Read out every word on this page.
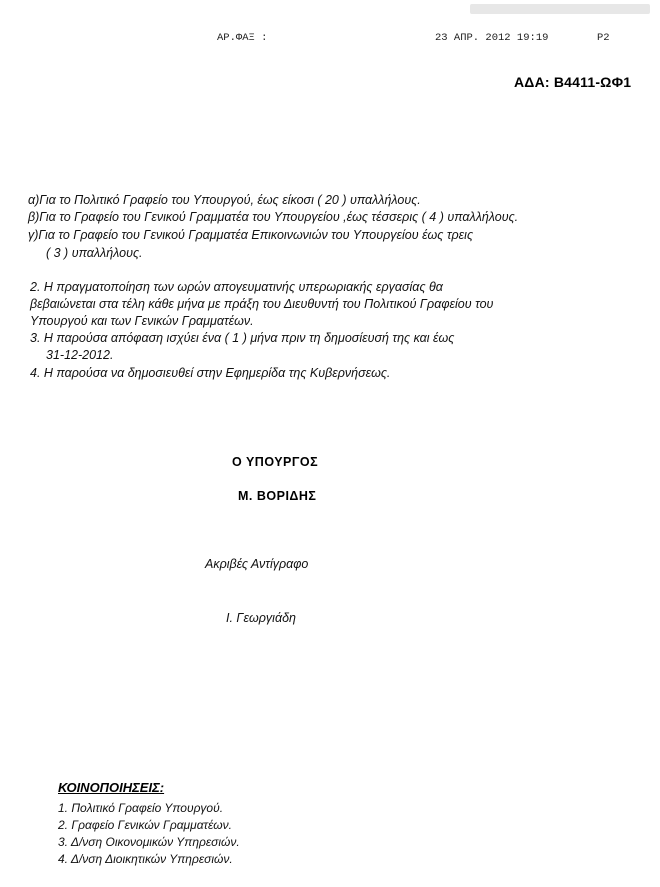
ΑΡ.ΦΑΞ :	23 ΑΠΡ. 2012 19:19	P2
ΑΔΑ: Β4411-ΩΦ1
α)Για το Πολιτικό Γραφείο του Υπουργού, έως είκοσι ( 20 ) υπαλλήλους.
β)Για το Γραφείο του Γενικού Γραμματέα του Υπουργείου ,έως τέσσερις ( 4 ) υπαλλήλους.
γ)Για το Γραφείο του Γενικού Γραμματέα Επικοινωνιών του Υπουργείου έως τρεις
( 3 ) υπαλλήλους.
2. Η πραγματοποίηση των ωρών απογευματινής υπερωριακής εργασίας θα
βεβαιώνεται στα τέλη κάθε μήνα με πράξη του Διευθυντή του Πολιτικού Γραφείου του
Υπουργού και των Γενικών Γραμματέων.
3. Η παρούσα απόφαση ισχύει ένα ( 1 ) μήνα πριν τη δημοσίευσή της και έως
31-12-2012.
4. Η παρούσα να δημοσιευθεί στην Εφημερίδα της Κυβερνήσεως.
Ο ΥΠΟΥΡΓΟΣ
Μ. ΒΟΡΙΔΗΣ
Ακριβές Αντίγραφο
Ι. Γεωργιάδη
ΚΟΙΝΟΠΟΙΗΣΕΙΣ:
1. Πολιτικό Γραφείο Υπουργού.
2. Γραφείο Γενικών Γραμματέων.
3. Δ/νση Οικονομικών Υπηρεσιών.
4. Δ/νση Διοικητικών Υπηρεσιών.
